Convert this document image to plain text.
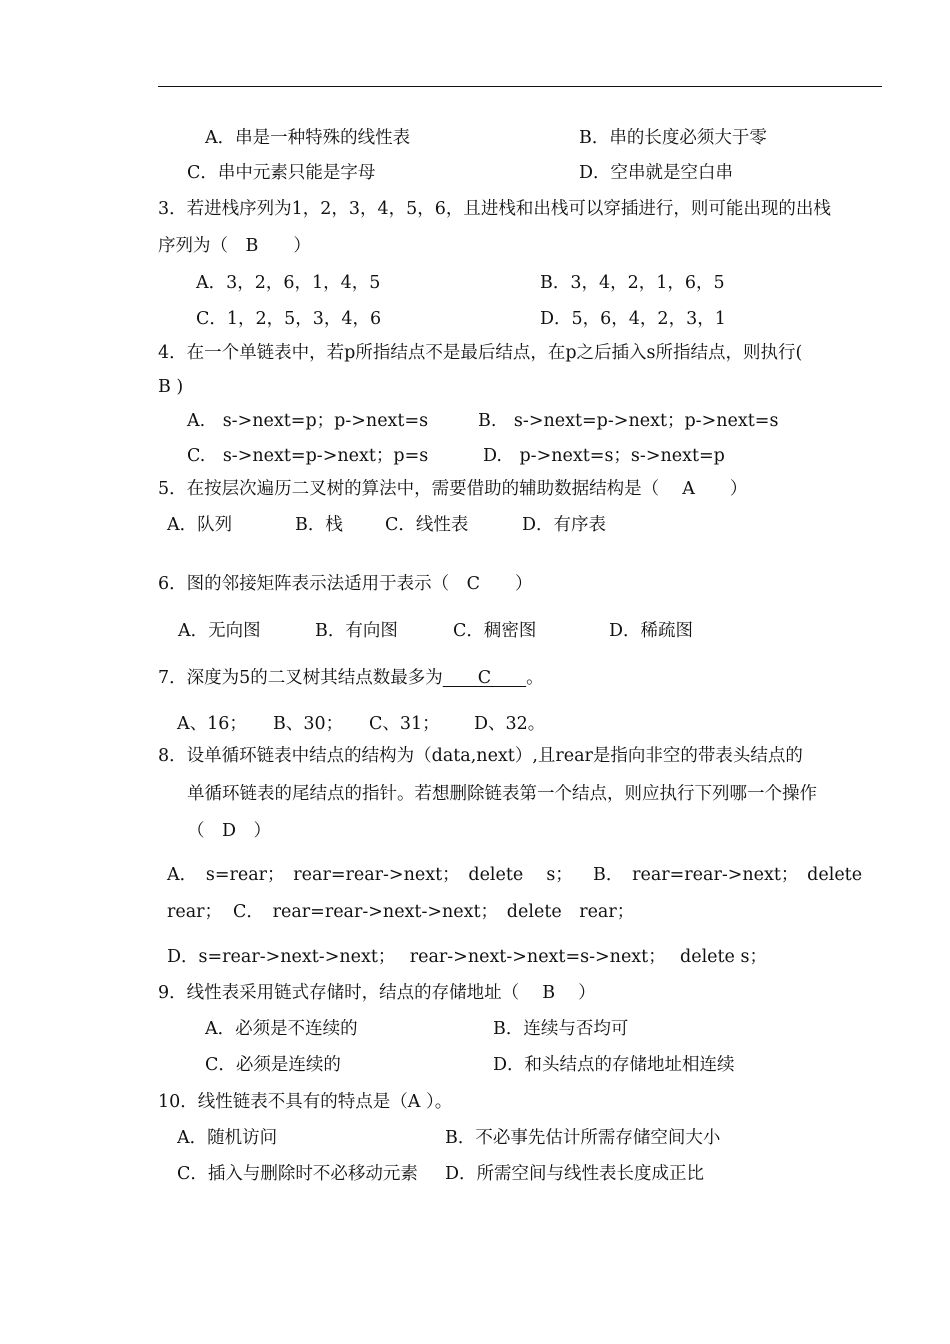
A．串是一种特殊的线性表	B．串的长度必须大于零
C．串中元素只能是字母	D．空串就是空白串
3．若进栈序列为1，2，3，4，5，6，且进栈和出栈可以穿插进行，则可能出现的出栈
序列为（　B　　）
A．3，2，6，1，4，5	B．3，4，2，1，6，5
C．1，2，5，3，4，6	D．5，6，4，2，3，1
4．在一个单链表中，若p所指结点不是最后结点，在p之后插入s所指结点，则执行(
B )
A.　s->next=p；p->next=s	B.　s->next=p->next；p->next=s
C.　s->next=p->next；p=s	D.　p->next=s；s->next=p
5．在按层次遍历二叉树的算法中，需要借助的辅助数据结构是（　 A　　）
A．队列	B．栈 C．线性表	D．有序表
6．图的邻接矩阵表示法适用于表示（　C　　）
A．无向图	B．有向图	C．稠密图	D．稀疏图
7．深度为5的二叉树其结点数最多为　　C　　。
A、16； B、30； C、31； D、32。
8．设单循环链表中结点的结构为（data,next）,且rear是指向非空的带表头结点的
单循环链表的尾结点的指针。若想删除链表第一个结点，则应执行下列哪一个操作
（　D　）
A．　s=rear；　rear=rear->next；　delete　 s； B．　rear=rear->next；　delete
rear； C．　rear=rear->next->next；　delete　rear；
D．s=rear->next->next；　 rear->next->next=s->next；　 delete s；
9．线性表采用链式存储时，结点的存储地址（　 B　 ）
A．必须是不连续的	B．连续与否均可
C．必须是连续的	D．和头结点的存储地址相连续
10．线性链表不具有的特点是（A ）。
A．随机访问	B．不必事先估计所需存储空间大小
C．插入与删除时不必移动元素 D．所需空间与线性表长度成正比
